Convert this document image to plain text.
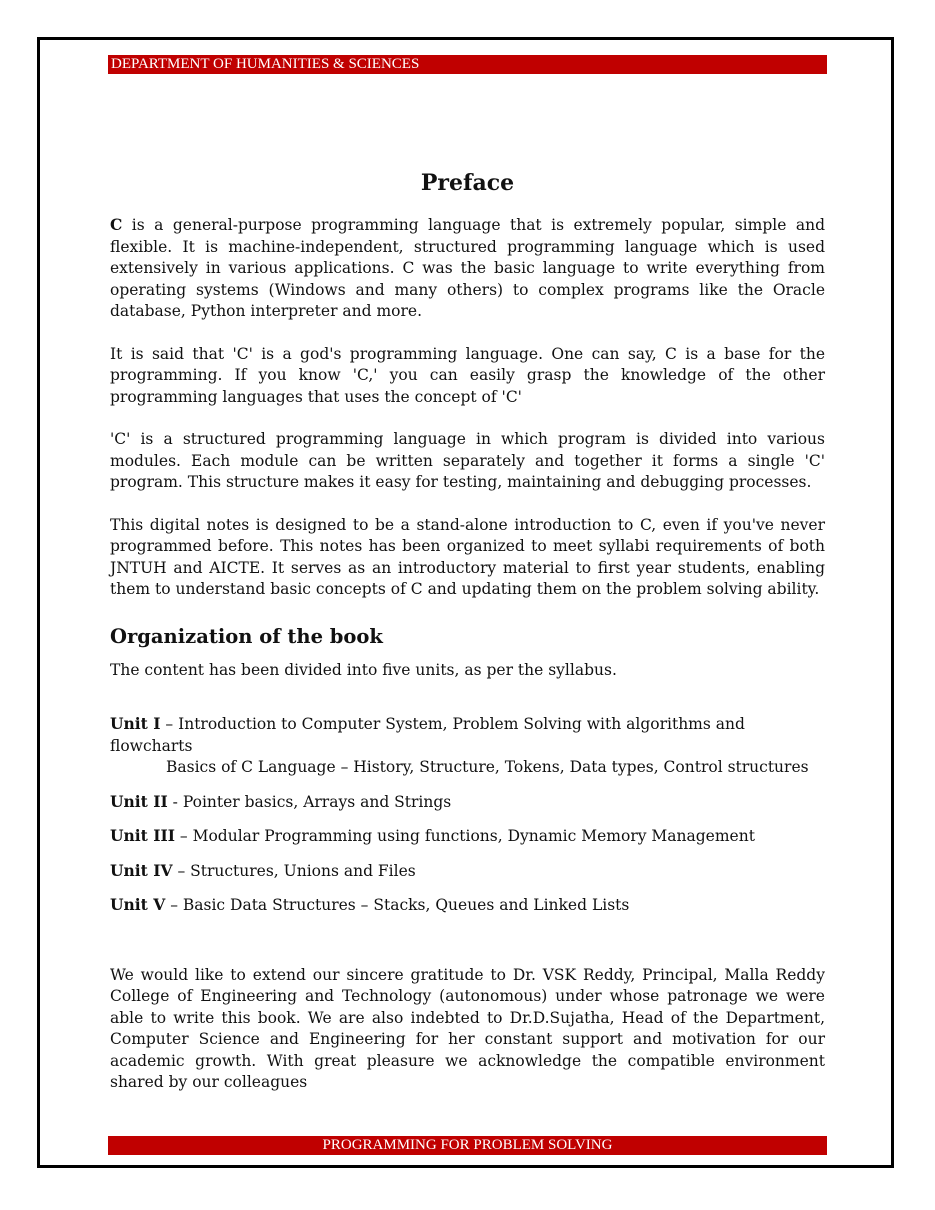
DEPARTMENT OF HUMANITIES & SCIENCES
Preface

C is a general-purpose programming language that is extremely popular, simple and flexible. It is machine-independent, structured programming language which is used extensively in various applications. C was the basic language to write everything from operating systems (Windows and many others) to complex programs like the Oracle database, Python interpreter and more.

It is said that 'C' is a god's programming language. One can say, C is a base for the programming. If you know 'C,' you can easily grasp the knowledge of the other programming languages that uses the concept of 'C'

'C' is a structured programming language in which program is divided into various modules. Each module can be written separately and together it forms a single 'C' program. This structure makes it easy for testing, maintaining and debugging processes.

This digital notes is designed to be a stand-alone introduction to C, even if you've never programmed before. This notes has been organized to meet syllabi requirements of both JNTUH and AICTE. It serves as an introductory material to first year students, enabling them to understand basic concepts of C and updating them on the problem solving ability.

Organization of the book

The content has been divided into five units, as per the syllabus.

Unit I – Introduction to Computer System, Problem Solving with algorithms and flowcharts
Basics of C Language – History, Structure, Tokens, Data types, Control structures
Unit II - Pointer basics, Arrays and Strings
Unit III – Modular Programming using functions, Dynamic Memory Management
Unit IV – Structures, Unions and Files
Unit V – Basic Data Structures – Stacks, Queues and Linked Lists

We would like to extend our sincere gratitude to Dr. VSK Reddy, Principal, Malla Reddy College of Engineering and Technology (autonomous) under whose patronage we were able to write this book. We are also indebted to Dr.D.Sujatha, Head of the Department, Computer Science and Engineering for her constant support and motivation for our academic growth. With great pleasure we acknowledge the compatible environment shared by our colleagues

PROGRAMMING FOR PROBLEM SOLVING
